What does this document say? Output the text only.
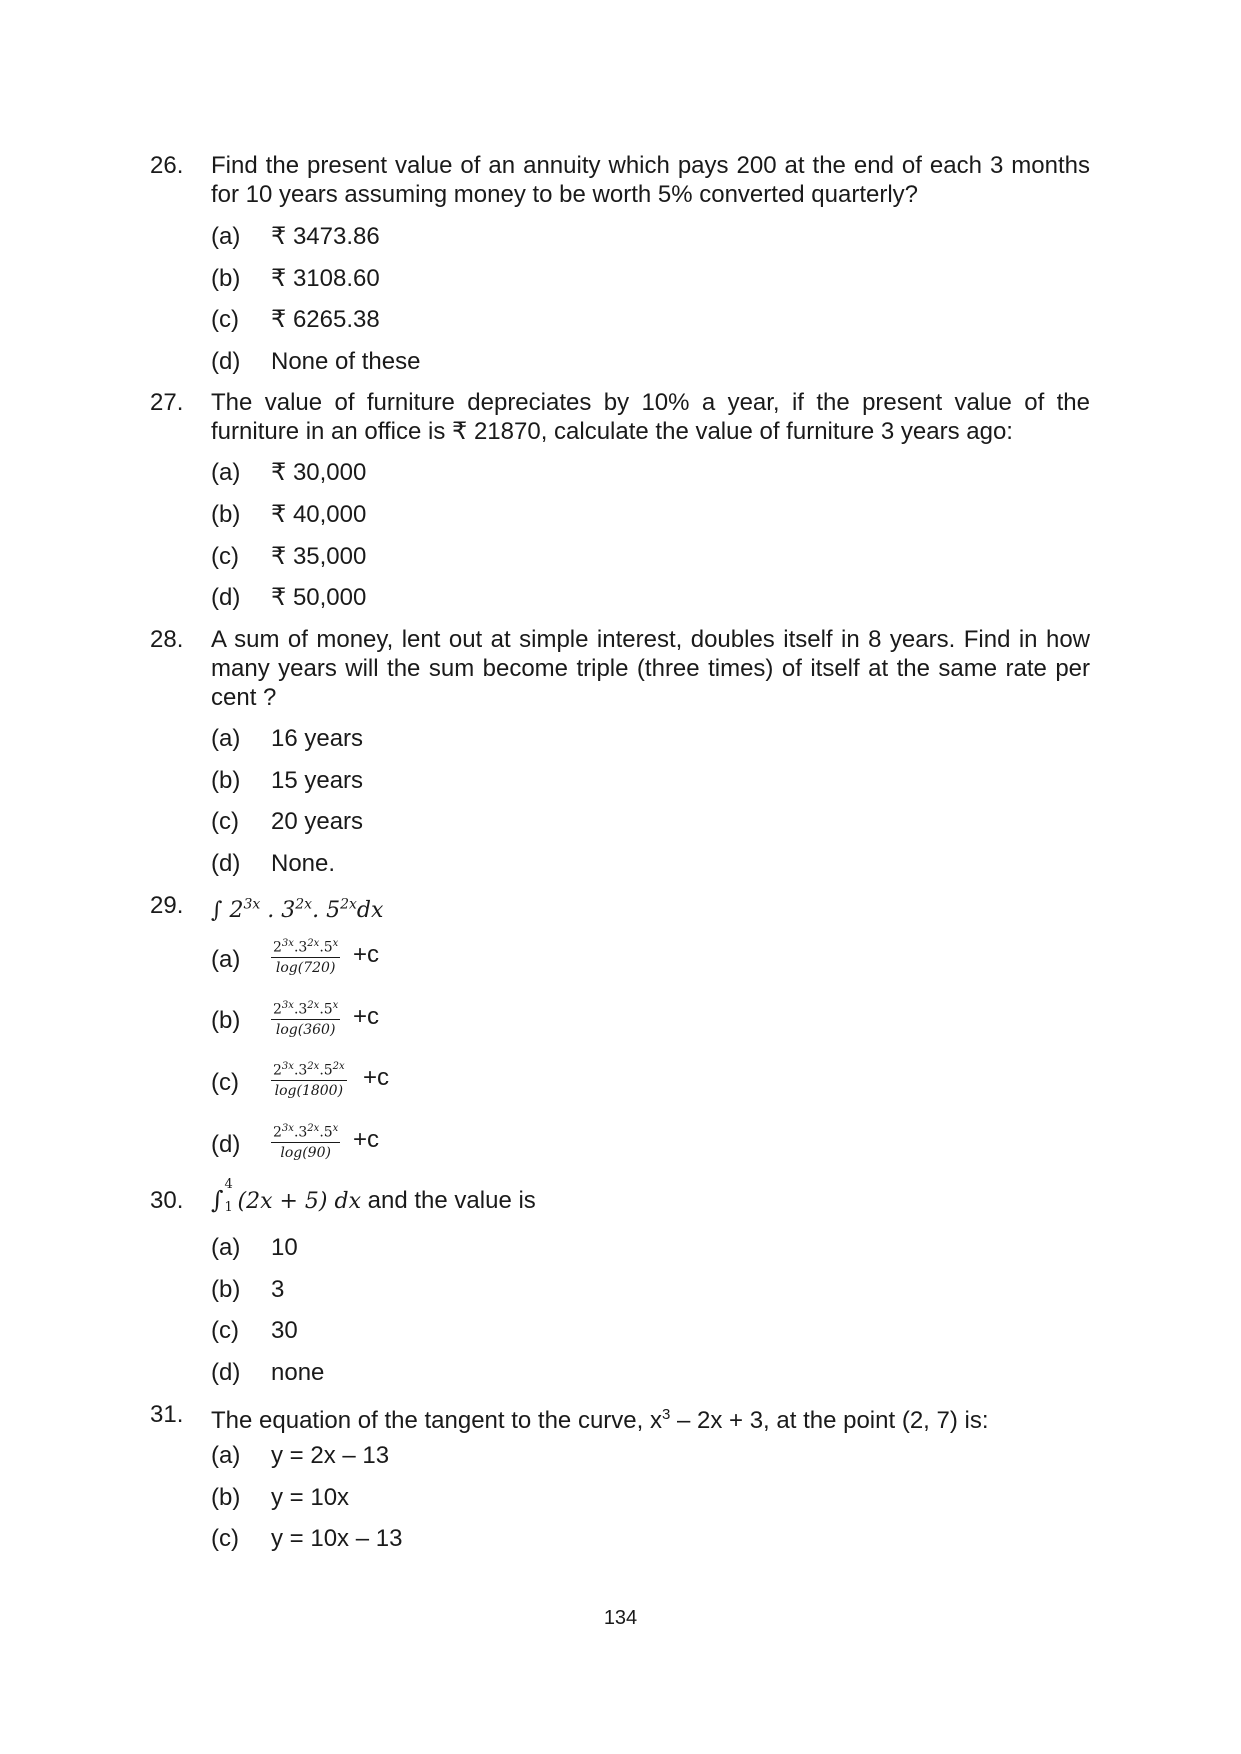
26. Find the present value of an annuity which pays 200 at the end of each 3 months for 10 years assuming money to be worth 5% converted quarterly?
(a) ₹ 3473.86
(b) ₹ 3108.60
(c) ₹ 6265.38
(d) None of these
27. The value of furniture depreciates by 10% a year, if the present value of the furniture in an office is ₹ 21870, calculate the value of furniture 3 years ago:
(a) ₹ 30,000
(b) ₹ 40,000
(c) ₹ 35,000
(d) ₹ 50,000
28. A sum of money, lent out at simple interest, doubles itself in 8 years. Find in how many years will the sum become triple (three times) of itself at the same rate per cent ?
(a) 16 years
(b) 15 years
(c) 20 years
(d) None.
29. ∫ $2^{3x}$ . $3^{2x}$. $5^{2x}dx$
$(a) \frac{2^{3x}.3^{2x}.5^x}{\log(720)} +c$
$(b) \frac{2^{3x}.3^{2x}.5^x}{\log(360)} +c$
$(c) \frac{2^{3x}.3^{2x}.5^{2x}}{\log(1800)} +c$
$(d) \frac{2^{3x}.3^{2x}.5^x}{\log(90)} +c$
30. ∫
4
1 (2x + 5) dx and the value is
(a) 10
(b) 3
(c) 30
(d) none
31. The equation of the tangent to the curve, $x^3 - 2x + 3$, at the point (2, 7) is:
(a) y = 2x – 13
(b) y = 10x
(c) y = 10x – 13
134
